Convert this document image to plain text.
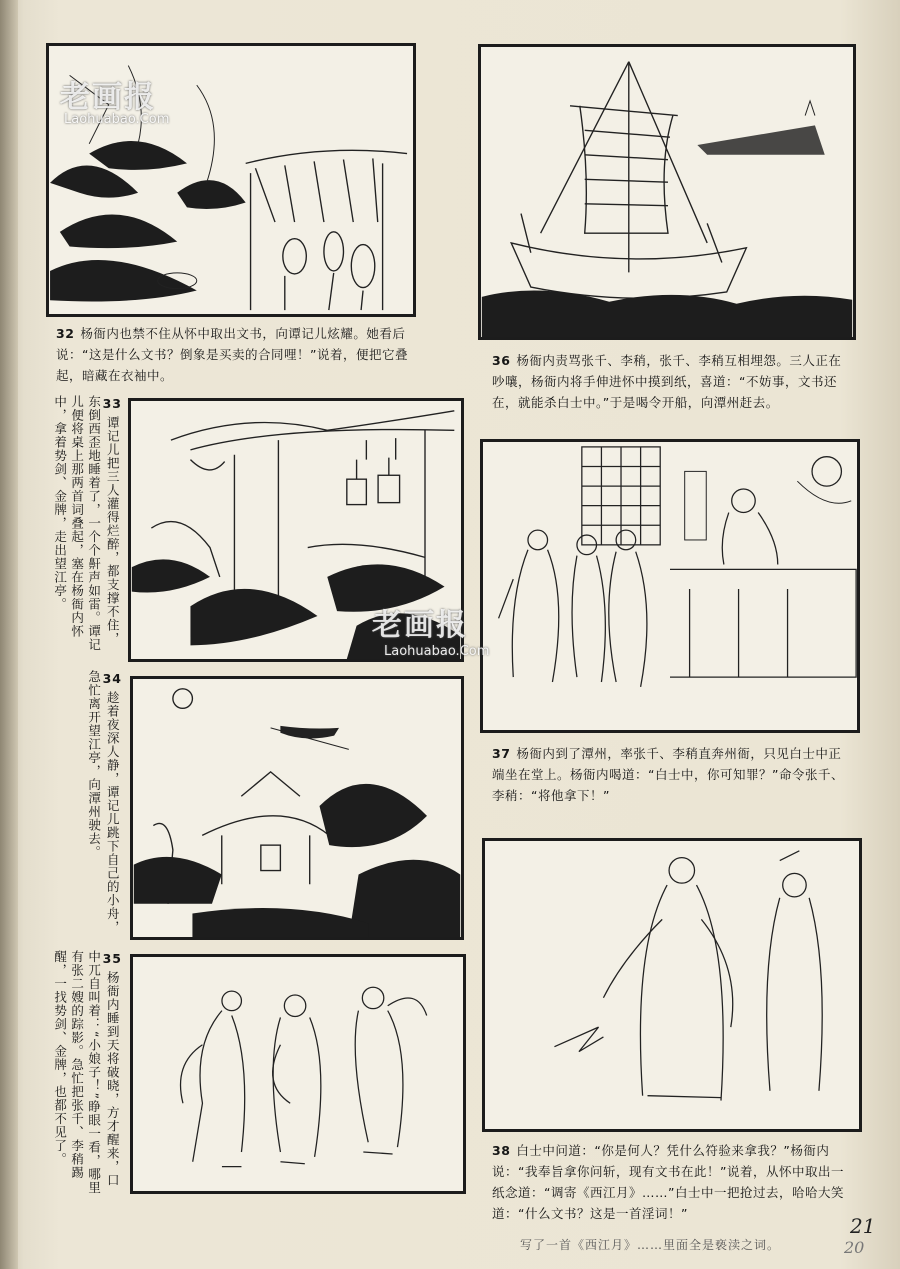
老画报
Laohuabao.Com
32 杨衙内也禁不住从怀中取出文书，向谭记儿炫耀。她看后说：“这是什么文书？倒象是买卖的合同哩！”说着，便把它叠起，暗藏在衣袖中。
33谭记儿把三人灌得烂醉，都支撑不住，东倒西歪地睡着了，一个个鼾声如雷。谭记儿便将桌上那两首词叠起，塞在杨衙内怀中，拿着势剑、金牌，走出望江亭。
34趁着夜深人静，谭记儿跳下自己的小舟，急忙离开望江亭，向潭州驶去。
35杨衙内睡到天将破晓，方才醒来，口中兀自叫着：“小娘子！”睁眼一看，哪里有张二嫂的踪影。急忙把张千、李稍踢醒，一找势剑、金牌，也都不见了。
36 杨衙内责骂张千、李稍，张千、李稍互相埋怨。三人正在吵嚷，杨衙内将手伸进怀中摸到纸，喜道：“不妨事，文书还在，就能杀白士中。”于是喝令开船，向潭州赶去。
老画报
Laohuabao.Com
37 杨衙内到了潭州，率张千、李稍直奔州衙，只见白士中正端坐在堂上。杨衙内喝道：“白士中，你可知罪？”命令张千、李稍：“将他拿下！”
38 白士中问道：“你是何人？凭什么符验来拿我？”杨衙内说：“我奉旨拿你问斩，现有文书在此！”说着，从怀中取出一纸念道：“调寄《西江月》……”白士中一把抢过去，哈哈大笑道：“什么文书？这是一首淫词！”
写了一首《西江月》……里面全是亵渎之词。
21
20
